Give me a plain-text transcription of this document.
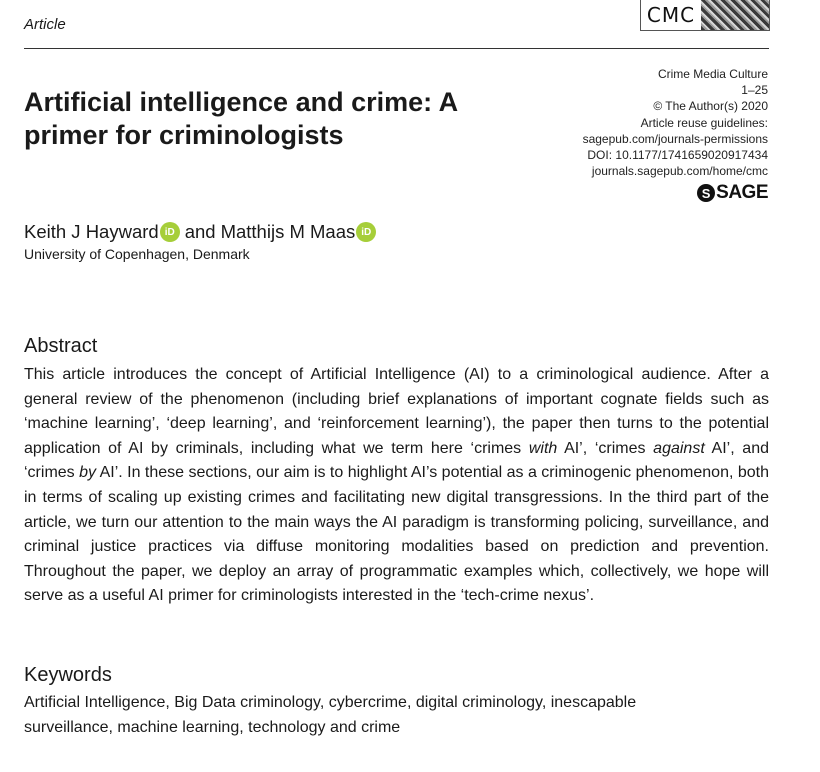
Article	CMC
Artificial intelligence and crime: A primer for criminologists
Crime Media Culture
1–25
© The Author(s) 2020
Article reuse guidelines:
sagepub.com/journals-permissions
DOI: 10.1177/1741659020917434
journals.sagepub.com/home/cmc
S SAGE
Keith J Hayward iD and Matthijs M Maas iD
University of Copenhagen, Denmark
Abstract

This article introduces the concept of Artificial Intelligence (AI) to a criminological audience. After a general review of the phenomenon (including brief explanations of important cognate fields such as ‘machine learning’, ‘deep learning’, and ‘reinforcement learning’), the paper then turns to the potential application of AI by criminals, including what we term here ‘crimes with AI’, ‘crimes against AI’, and ‘crimes by AI’. In these sections, our aim is to highlight AI’s potential as a criminogenic phenomenon, both in terms of scaling up existing crimes and facilitating new digital transgressions. In the third part of the article, we turn our attention to the main ways the AI paradigm is transforming policing, surveillance, and criminal justice practices via diffuse monitoring modalities based on prediction and prevention. Throughout the paper, we deploy an array of programmatic examples which, collectively, we hope will serve as a useful AI primer for criminologists interested in the ‘tech-crime nexus’.

Keywords

Artificial Intelligence, Big Data criminology, cybercrime, digital criminology, inescapable surveillance, machine learning, technology and crime
